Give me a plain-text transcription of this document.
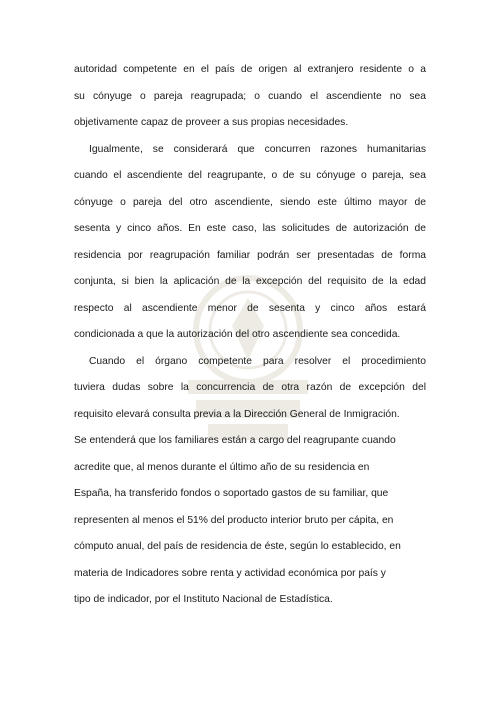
autoridad competente en el país de origen al extranjero residente o a
su cónyuge o pareja reagrupada; o cuando el ascendiente no sea
objetivamente capaz de proveer a sus propias necesidades.
Igualmente, se considerará que concurren razones humanitarias
cuando el ascendiente del reagrupante, o de su cónyuge o pareja, sea
cónyuge o pareja del otro ascendiente, siendo este último mayor de
sesenta y cinco años. En este caso, las solicitudes de autorización de
residencia por reagrupación familiar podrán ser presentadas de forma
conjunta, si bien la aplicación de la excepción del requisito de la edad
respecto al ascendiente menor de sesenta y cinco años estará
condicionada a que la autorización del otro ascendiente sea concedida.
Cuando el órgano competente para resolver el procedimiento
tuviera dudas sobre la concurrencia de otra razón de excepción del
requisito elevará consulta previa a la Dirección General de Inmigración.
Se entenderá que los familiares están a cargo del reagrupante cuando
acredite que, al menos durante el último año de su residencia en
España, ha transferido fondos o soportado gastos de su familiar, que
representen al menos el 51% del producto interior bruto per cápita, en
cómputo anual, del país de residencia de éste, según lo establecido, en
materia de Indicadores sobre renta y actividad económica por país y
tipo de indicador, por el Instituto Nacional de Estadística.
